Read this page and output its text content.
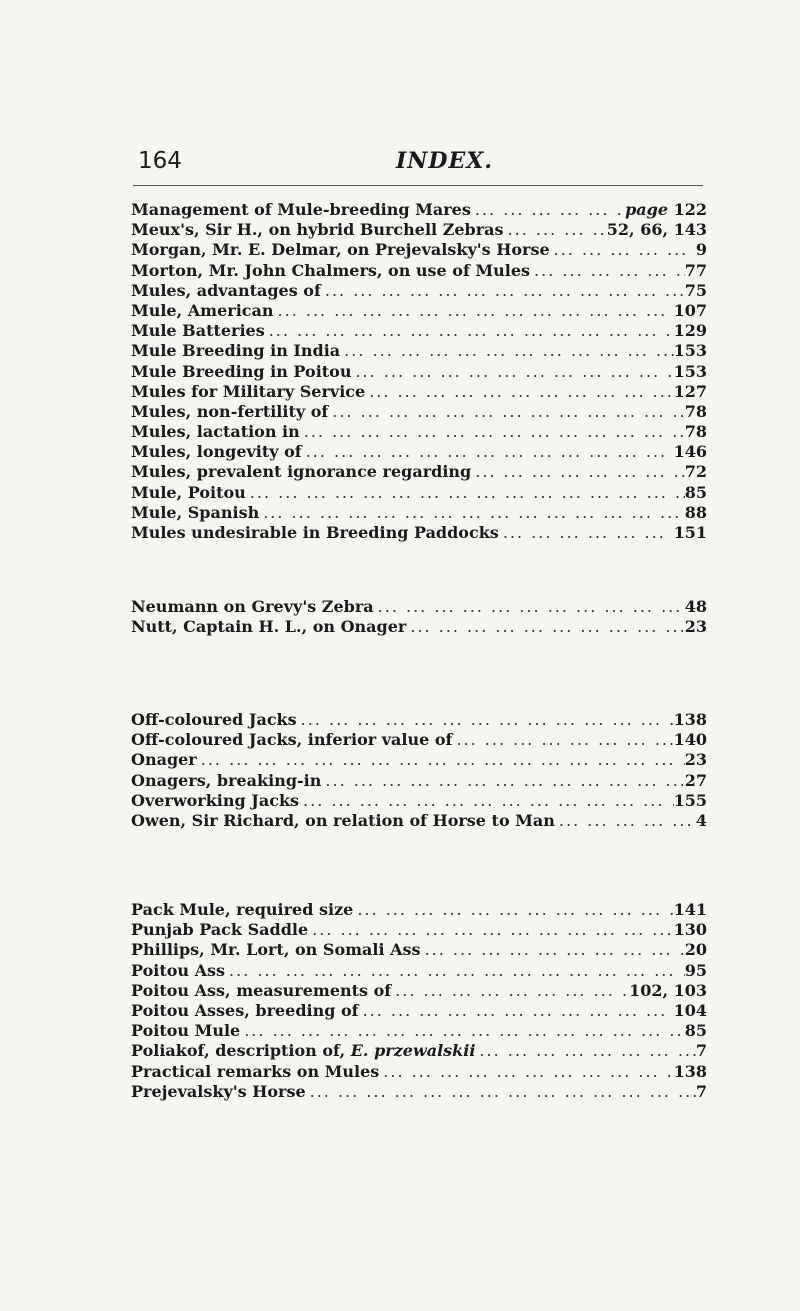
164	INDEX.
Management of Mule-breeding Mares ... .	page 122
Meux's, Sir H., on hybrid Burchell Zebras ... .	52, 66, 143
Morgan, Mr. E. Delmar, on Prejevalsky's Horse ... .	9
Morton, Mr. John Chalmers, on use of Mules ... .	77
Mules, advantages of ... .	75
Mule, American ... .	107
Mule Batteries ... .	129
Mule Breeding in India ... .	153
Mule Breeding in Poitou ... .	153
Mules for Military Service ... .	127
Mules, non-fertility of ... .	78
Mules, lactation in ... .	78
Mules, longevity of ... .	146
Mules, prevalent ignorance regarding ... .	72
Mule, Poitou ... .	85
Mule, Spanish ... .	88
Mules undesirable in Breeding Paddocks ... .	151
Neumann on Grevy's Zebra ... .	48
Nutt, Captain H. L., on Onager ... .	23
Off-coloured Jacks ... .	138
Off-coloured Jacks, inferior value of ... .	140
Onager ... .	23
Onagers, breaking-in ... .	27
Overworking Jacks ... .	155
Owen, Sir Richard, on relation of Horse to Man ... .	4
Pack Mule, required size ... .	141
Punjab Pack Saddle ... .	130
Phillips, Mr. Lort, on Somali Ass ... .	20
Poitou Ass ... .	95
Poitou Ass, measurements of ... .	102, 103
Poitou Asses, breeding of ... .	104
Poitou Mule ... .	85
Poliakof, description of, E. przewalskii ... .	7
Practical remarks on Mules ... .	138
Prejevalsky's Horse ... .	7
